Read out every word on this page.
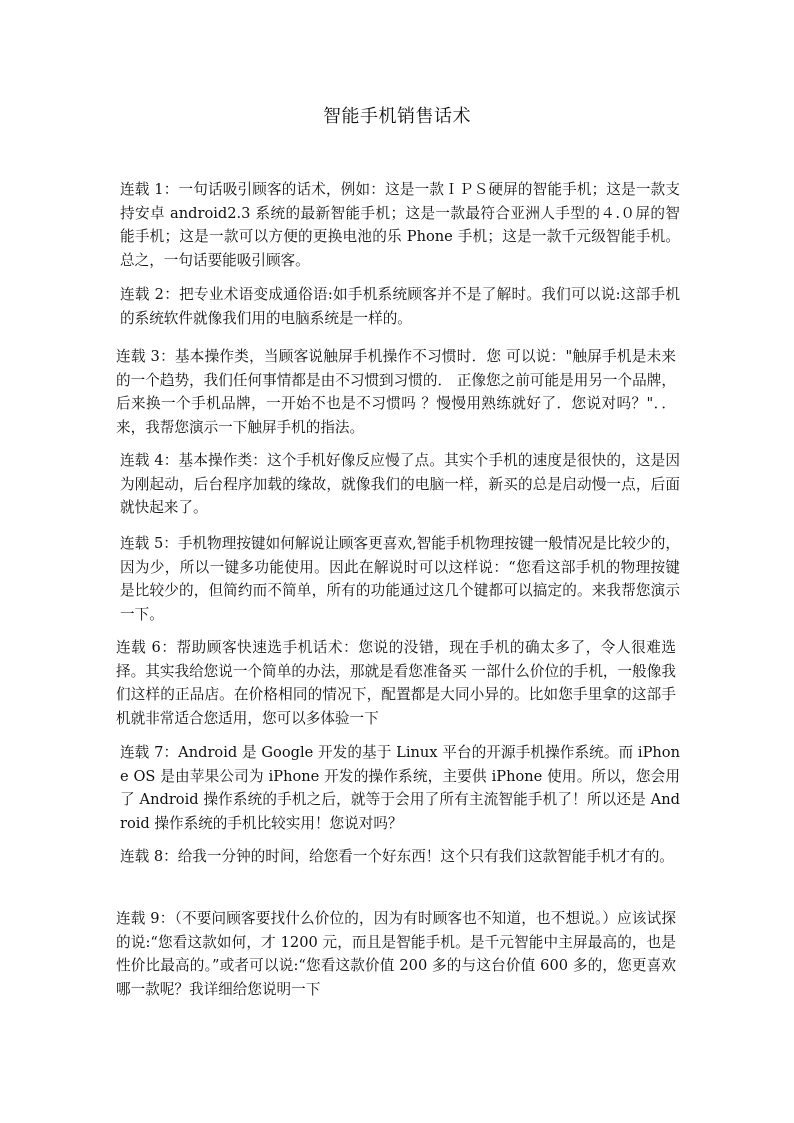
智能手机销售话术

连载 1：一句话吸引顾客的话术，例如：这是一款ＩＰＳ硬屏的智能手机；这是一款支持安卓 android2.3 系统的最新智能手机；这是一款最符合亚洲人手型的４.０屏的智能手机；这是一款可以方便的更换电池的乐 Phone 手机；这是一款千元级智能手机。总之，一句话要能吸引顾客。

连载 2：把专业术语变成通俗语:如手机系统顾客并不是了解时。我们可以说:这部手机的系统软件就像我们用的电脑系统是一样的。

连载 3：基本操作类，当顾客说触屏手机操作不习惯时．您 可以说："触屏手机是未来的一个趋势，我们任何事情都是由不习惯到习惯的． 正像您之前可能是用另一个品牌，后来换一个手机品牌，一开始不也是不习惯吗 ？慢慢用熟练就好了．您说对吗？"．．来，我帮您演示一下触屏手机的指法。

连载 4：基本操作类：这个手机好像反应慢了点。其实个手机的速度是很快的，这是因为刚起动，后台程序加载的缘故，就像我们的电脑一样，新买的总是启动慢一点，后面就快起来了。

连载 5：手机物理按键如何解说让顾客更喜欢,智能手机物理按键一般情况是比较少的，因为少，所以一键多功能使用。因此在解说时可以这样说：“您看这部手机的物理按键是比较少的，但简约而不简单，所有的功能通过这几个键都可以搞定的。来我帮您演示一下。

连载 6：帮助顾客快速选手机话术：您说的没错，现在手机的确太多了，令人很难选择。其实我给您说一个简单的办法，那就是看您准备买 一部什么价位的手机，一般像我们这样的正品店。在价格相同的情况下，配置都是大同小异的。比如您手里拿的这部手机就非常适合您适用，您可以多体验一下

连载 7：Android 是 Google 开发的基于 Linux 平台的开源手机操作系统。而 iPhone OS 是由苹果公司为 iPhone 开发的操作系统，主要供 iPhone 使用。所以，您会用了 Android 操作系统的手机之后，就等于会用了所有主流智能手机了！所以还是 Android 操作系统的手机比较实用！您说对吗？

连载 8：给我一分钟的时间，给您看一个好东西！这个只有我们这款智能手机才有的。

连载 9：（不要问顾客要找什么价位的，因为有时顾客也不知道，也不想说。）应该试探的说:“您看这款如何，才 1200 元，而且是智能手机。是千元智能中主屏最高的，也是性价比最高的。”或者可以说:“您看这款价值 200 多的与这台价值 600 多的，您更喜欢哪一款呢？我详细给您说明一下
